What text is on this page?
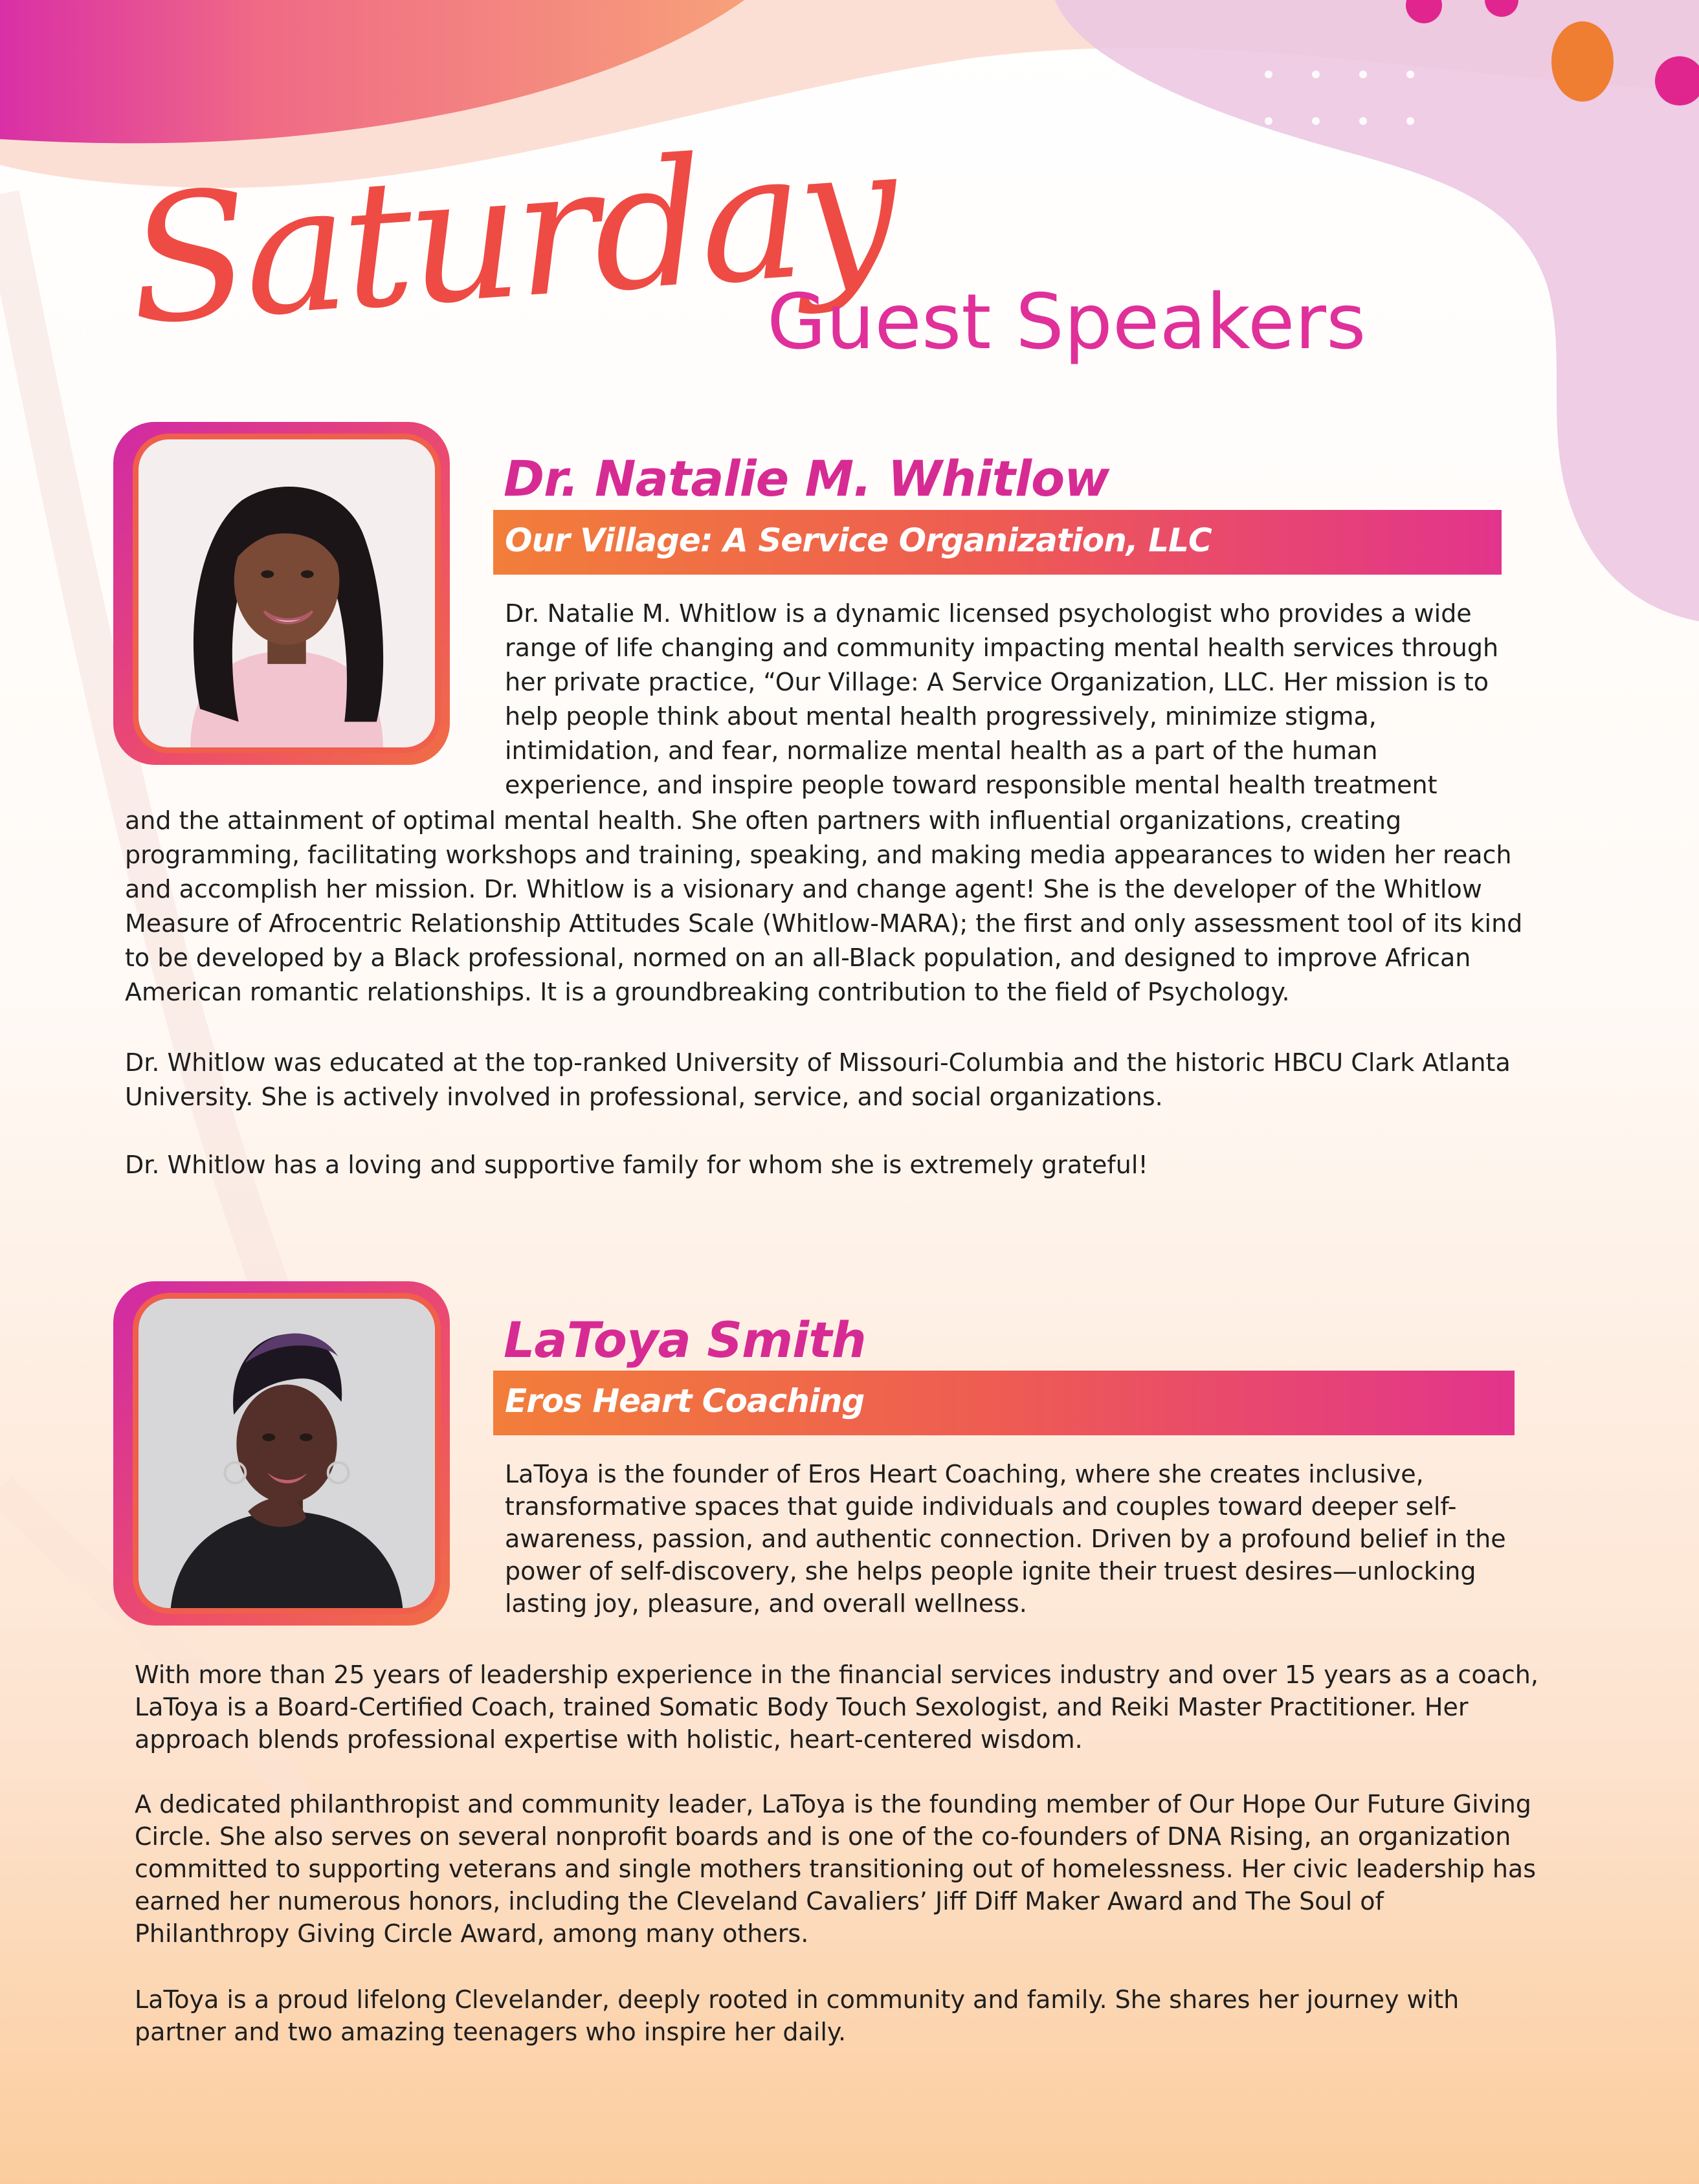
Saturday
Guest Speakers
Dr. Natalie M. Whitlow
Our Village: A Service Organization, LLC

Dr. Natalie M. Whitlow is a dynamic licensed psychologist who provides a wide range of life changing and community impacting mental health services through her private practice, “Our Village: A Service Organization, LLC. Her mission is to help people think about mental health progressively, minimize stigma, intimidation, and fear, normalize mental health as a part of the human experience, and inspire people toward responsible mental health treatment

and the attainment of optimal mental health. She often partners with influential organizations, creating programming, facilitating workshops and training, speaking, and making media appearances to widen her reach and accomplish her mission. Dr. Whitlow is a visionary and change agent! She is the developer of the Whitlow Measure of Afrocentric Relationship Attitudes Scale (Whitlow-MARA); the first and only assessment tool of its kind to be developed by a Black professional, normed on an all-Black population, and designed to improve African American romantic relationships. It is a groundbreaking contribution to the field of Psychology.

Dr. Whitlow was educated at the top-ranked University of Missouri-Columbia and the historic HBCU Clark Atlanta University. She is actively involved in professional, service, and social organizations.

Dr. Whitlow has a loving and supportive family for whom she is extremely grateful!

LaToya Smith
Eros Heart Coaching

LaToya is the founder of Eros Heart Coaching, where she creates inclusive, transformative spaces that guide individuals and couples toward deeper self-awareness, passion, and authentic connection. Driven by a profound belief in the power of self-discovery, she helps people ignite their truest desires—unlocking lasting joy, pleasure, and overall wellness.

With more than 25 years of leadership experience in the financial services industry and over 15 years as a coach, LaToya is a Board-Certified Coach, trained Somatic Body Touch Sexologist, and Reiki Master Practitioner. Her approach blends professional expertise with holistic, heart-centered wisdom.

A dedicated philanthropist and community leader, LaToya is the founding member of Our Hope Our Future Giving Circle. She also serves on several nonprofit boards and is one of the co-founders of DNA Rising, an organization committed to supporting veterans and single mothers transitioning out of homelessness. Her civic leadership has earned her numerous honors, including the Cleveland Cavaliers’ Jiff Diff Maker Award and The Soul of Philanthropy Giving Circle Award, among many others.

LaToya is a proud lifelong Clevelander, deeply rooted in community and family. She shares her journey with partner and two amazing teenagers who inspire her daily.
